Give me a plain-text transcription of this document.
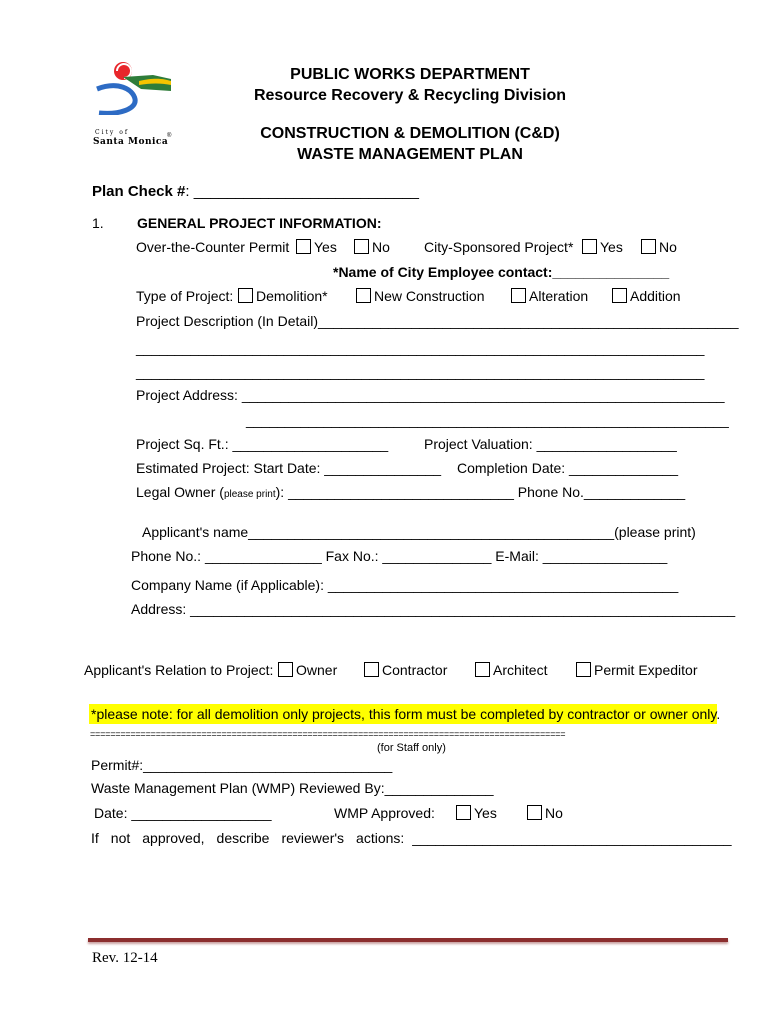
City of
Santa Monica
®
PUBLIC WORKS DEPARTMENT
Resource Recovery & Recycling Division
CONSTRUCTION & DEMOLITION (C&D)
WASTE MANAGEMENT PLAN
Plan Check #: ___________________________
1. GENERAL PROJECT INFORMATION:
Over-the-Counter Permit	Yes	No City-Sponsored Project*	Yes	No
*Name of City Employee contact:_______________
Type of Project:	Demolition*	New Construction	Alteration	Addition
Project Description (In Detail)______________________________________________________
_________________________________________________________________________
_________________________________________________________________________
Project Address: ______________________________________________________________
______________________________________________________________
Project Sq. Ft.: ____________________	Project Valuation: __________________
Estimated Project: Start Date: _______________ Completion Date: ______________
Legal Owner (please print): _____________________________ Phone No._____________
Applicant's name_______________________________________________(please print)
Phone No.: _______________ Fax No.: ______________ E-Mail: ________________
Company Name (if Applicable): _____________________________________________
Address: ______________________________________________________________________
Applicant's Relation to Project:	Owner	Contractor	Architect	Permit Expeditor
*please note: for all demolition only projects, this form must be completed by contractor or owner only.
==============================================================================================
(for Staff only)
Permit#:________________________________
Waste Management Plan (WMP) Reviewed By:______________
Date: __________________	WMP Approved:	Yes	No
If not approved, describe reviewer's actions: _________________________________________
Rev. 12-14
